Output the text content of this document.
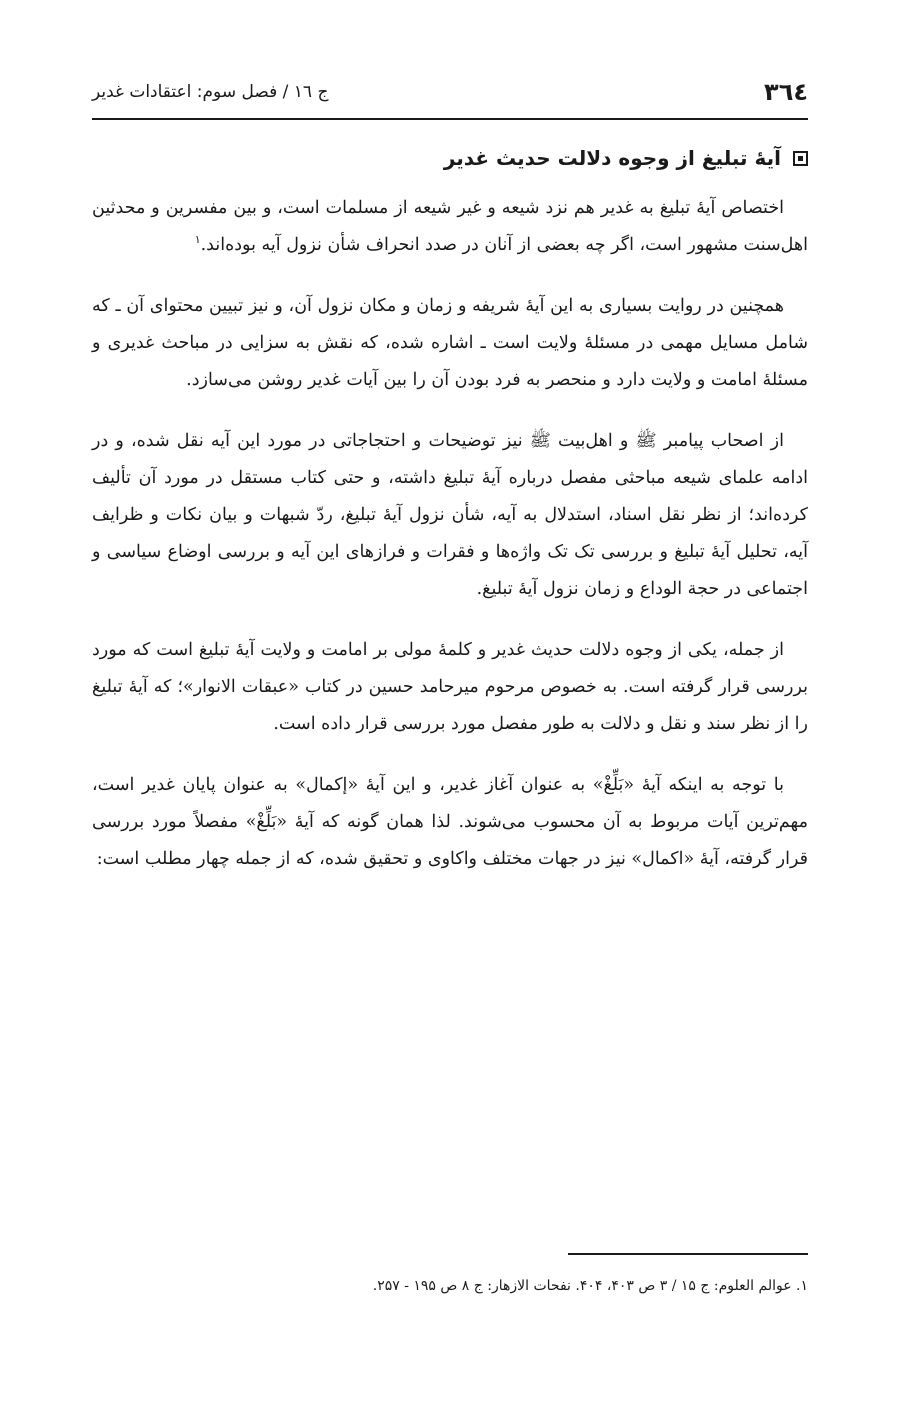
۳٦٤
ج ۱٦ / فصل سوم: اعتقادات غدیر
آیۀ تبلیغ از وجوه دلالت حدیث غدیر

اختصاص آیۀ تبلیغ به غدیر هم نزد شیعه و غیر شیعه از مسلمات است، و بین مفسرین و محدثین اهل‌سنت مشهور است، اگر چه بعضی از آنان در صدد انحراف شأن نزول آیه بوده‌اند.$^۱$

همچنین در روایت بسیاری به این آیۀ شریفه و زمان و مکان نزول آن، و نیز تبیین محتوای آن ـ که شامل مسایل مهمی در مسئلۀ ولایت است ـ اشاره شده، که نقش به سزایی در مباحث غدیری و مسئلۀ امامت و ولایت دارد و منحصر به فرد بودن آن را بین آیات غدیر روشن می‌سازد.

از اصحاب پیامبر ﷺ و اهل‌بیت ﷺ نیز توضیحات و احتجاجاتی در مورد این آیه نقل شده، و در ادامه علمای شیعه مباحثی مفصل درباره آیۀ تبلیغ داشته، و حتی کتاب مستقل در مورد آن تألیف کرده‌اند؛ از نظر نقل اسناد، استدلال به آیه، شأن نزول آیۀ تبلیغ، ردّ شبهات و بیان نکات و ظرایف آیه، تحلیل آیۀ تبلیغ و بررسی تک تک واژه‌ها و فقرات و فرازهای این آیه و بررسی اوضاع سیاسی و اجتماعی در حجة الوداع و زمان نزول آیۀ تبلیغ.

از جمله، یکی از وجوه دلالت حدیث غدیر و کلمۀ مولی بر امامت و ولایت آیۀ تبلیغ است که مورد بررسی قرار گرفته است. به خصوص مرحوم میرحامد حسین در کتاب «عبقات الانوار»؛ که آیۀ تبلیغ را از نظر سند و نقل و دلالت به طور مفصل مورد بررسی قرار داده است.

با توجه به اینکه آیۀ «بَلِّغْ» به عنوان آغاز غدیر، و این آیۀ «إکمال» به عنوان پایان غدیر است، مهم‌ترین آیات مربوط به آن محسوب می‌شوند. لذا همان گونه که آیۀ «بَلِّغْ» مفصلاً مورد بررسی قرار گرفته، آیۀ «اکمال» نیز در جهات مختلف واکاوی و تحقیق شده، که از جمله چهار مطلب است:

۱. عوالم العلوم: ج ۱۵ / ۳ ص ۴۰۳، ۴۰۴. نفحات الازهار: ج ۸ ص ۱۹۵ - ۲۵۷.
